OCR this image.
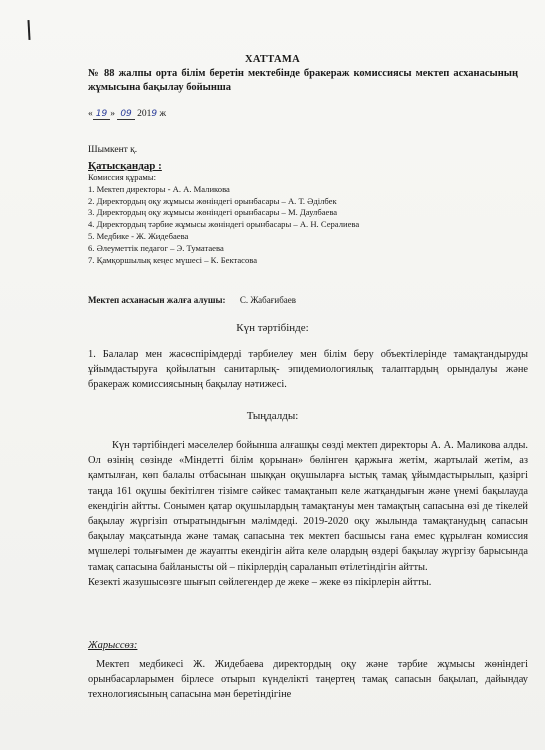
ХАТТАМА
№ 88 жалпы орта білім беретін мектебінде бракераж комиссиясы мектеп асханасының жұмысына бақылау бойынша
« 19 » 09 2019 ж
Шымкент қ.
Қатысқандар :
Комиссия құрамы:
1. Мектеп директоры - А. А. Маликова
2. Директордың оқу жұмысы жөніндегі орынбасары – А. Т. Әділбек
3. Директордың оқу жұмысы жөніндегі орынбасары – М. Даулбаева
4. Директордың тәрбие жұмысы жөніндегі орынбасары – А. Н. Сералиева
5. Медбике - Ж. Жидебаева
6. Әлеуметтік педагог – Э. Туматаева
7. Қамқоршылық кеңес мүшесі – К. Бектасова
Мектеп асханасын жалға алушы: С. Жабағибаев
Күн тәртібінде:
1. Балалар мен жасөспірімдерді тәрбиелеу мен білім беру объектілерінде тамақтандыруды ұйымдастыруға қойылатын санитарлық- эпидемиологиялық талаптардың орындалуы және бракераж комиссиясының бақылау нәтижесі.
Тыңдалды:
Күн тәртібіндегі мәселелер бойынша алғашқы сөзді мектеп директоры А. А. Маликова алды. Ол өзінің сөзінде «Міндетті білім қорынан» бөлінген қаржыға жетім, жартылай жетім, аз қамтылған, көп балалы отбасынан шыққан оқушыларға ыстық тамақ ұйымдастырылып, қазіргі таңда 161 оқушы бекітілген тізімге сәйкес тамақтанып келе жатқандығын және үнемі бақылауда екендігін айтты. Сонымен қатар оқушылардың тамақтануы мен тамақтың сапасына өзі де тікелей бақылау жүргізіп отыратындығын мәлімдеді. 2019-2020 оқу жылында тамақтанудың сапасын бақылау мақсатында және тамақ сапасына тек мектеп басшысы ғана емес құрылған комиссия мүшелері толығымен де жауапты екендігін айта келе олардың өздері бақылау жүргізу барысында тамақ сапасына байланысты ой – пікірлердің сараланып өтілетіндігін айтты.
Кезекті жазушысөзге шығып сөйлегендер де жеке – жеке өз пікірлерін айтты.
Жарыссөз:
Мектеп медбикесі Ж. Жидебаева директордың оқу және тәрбие жұмысы жөніндегі орынбасарларымен бірлесе отырып күнделікті таңертең тамақ сапасын бақылап, дайындау технологиясының сапасына мән беретіндігіне
